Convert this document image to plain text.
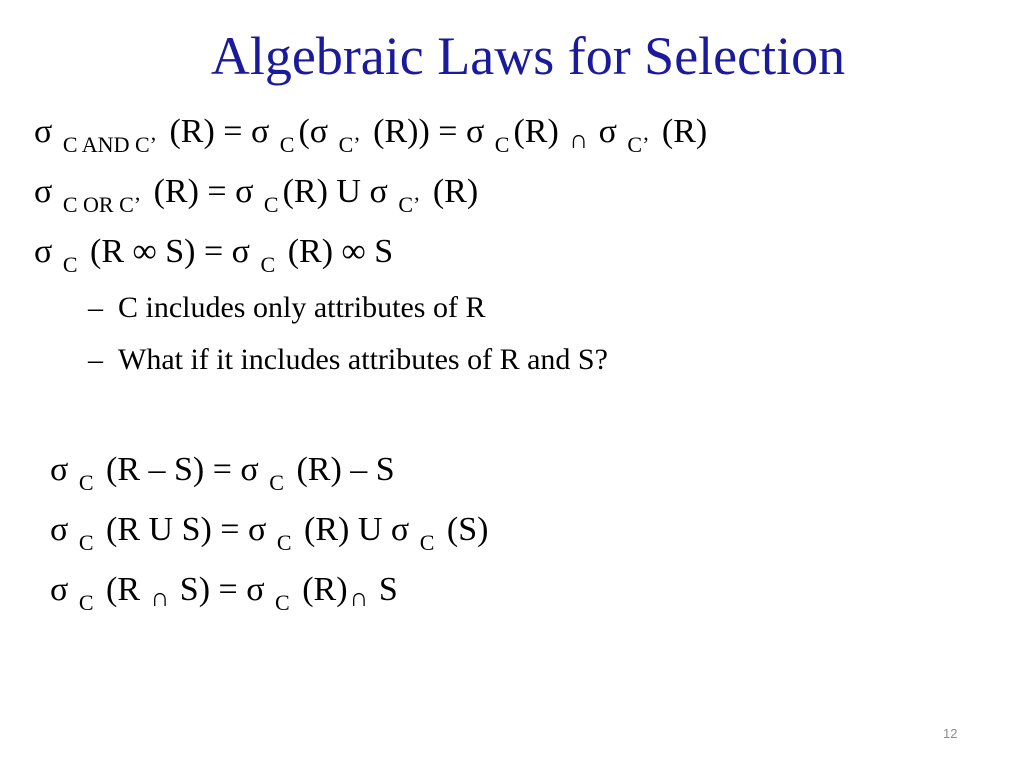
Algebraic Laws for Selection
σ $_{C AND C’}$ (R) = σ $_C$ (σ $_{C’}$ (R)) = σ $_C$ (R) ∩ σ $_{C’}$ (R)
σ $_{C OR C’}$ (R) = σ $_C$ (R) U σ $_{C’}$ (R)
σ $_C$ (R ∞ S) = σ $_C$ (R) ∞ S
– C includes only attributes of R
– What if it includes attributes of R and S?
σ $_C$ (R – S) = σ $_C$ (R) – S
σ $_C$ (R U S) = σ $_C$ (R) U σ $_C$ (S)
σ $_C$ (R ∩ S) = σ $_C$ (R)∩ S
12
